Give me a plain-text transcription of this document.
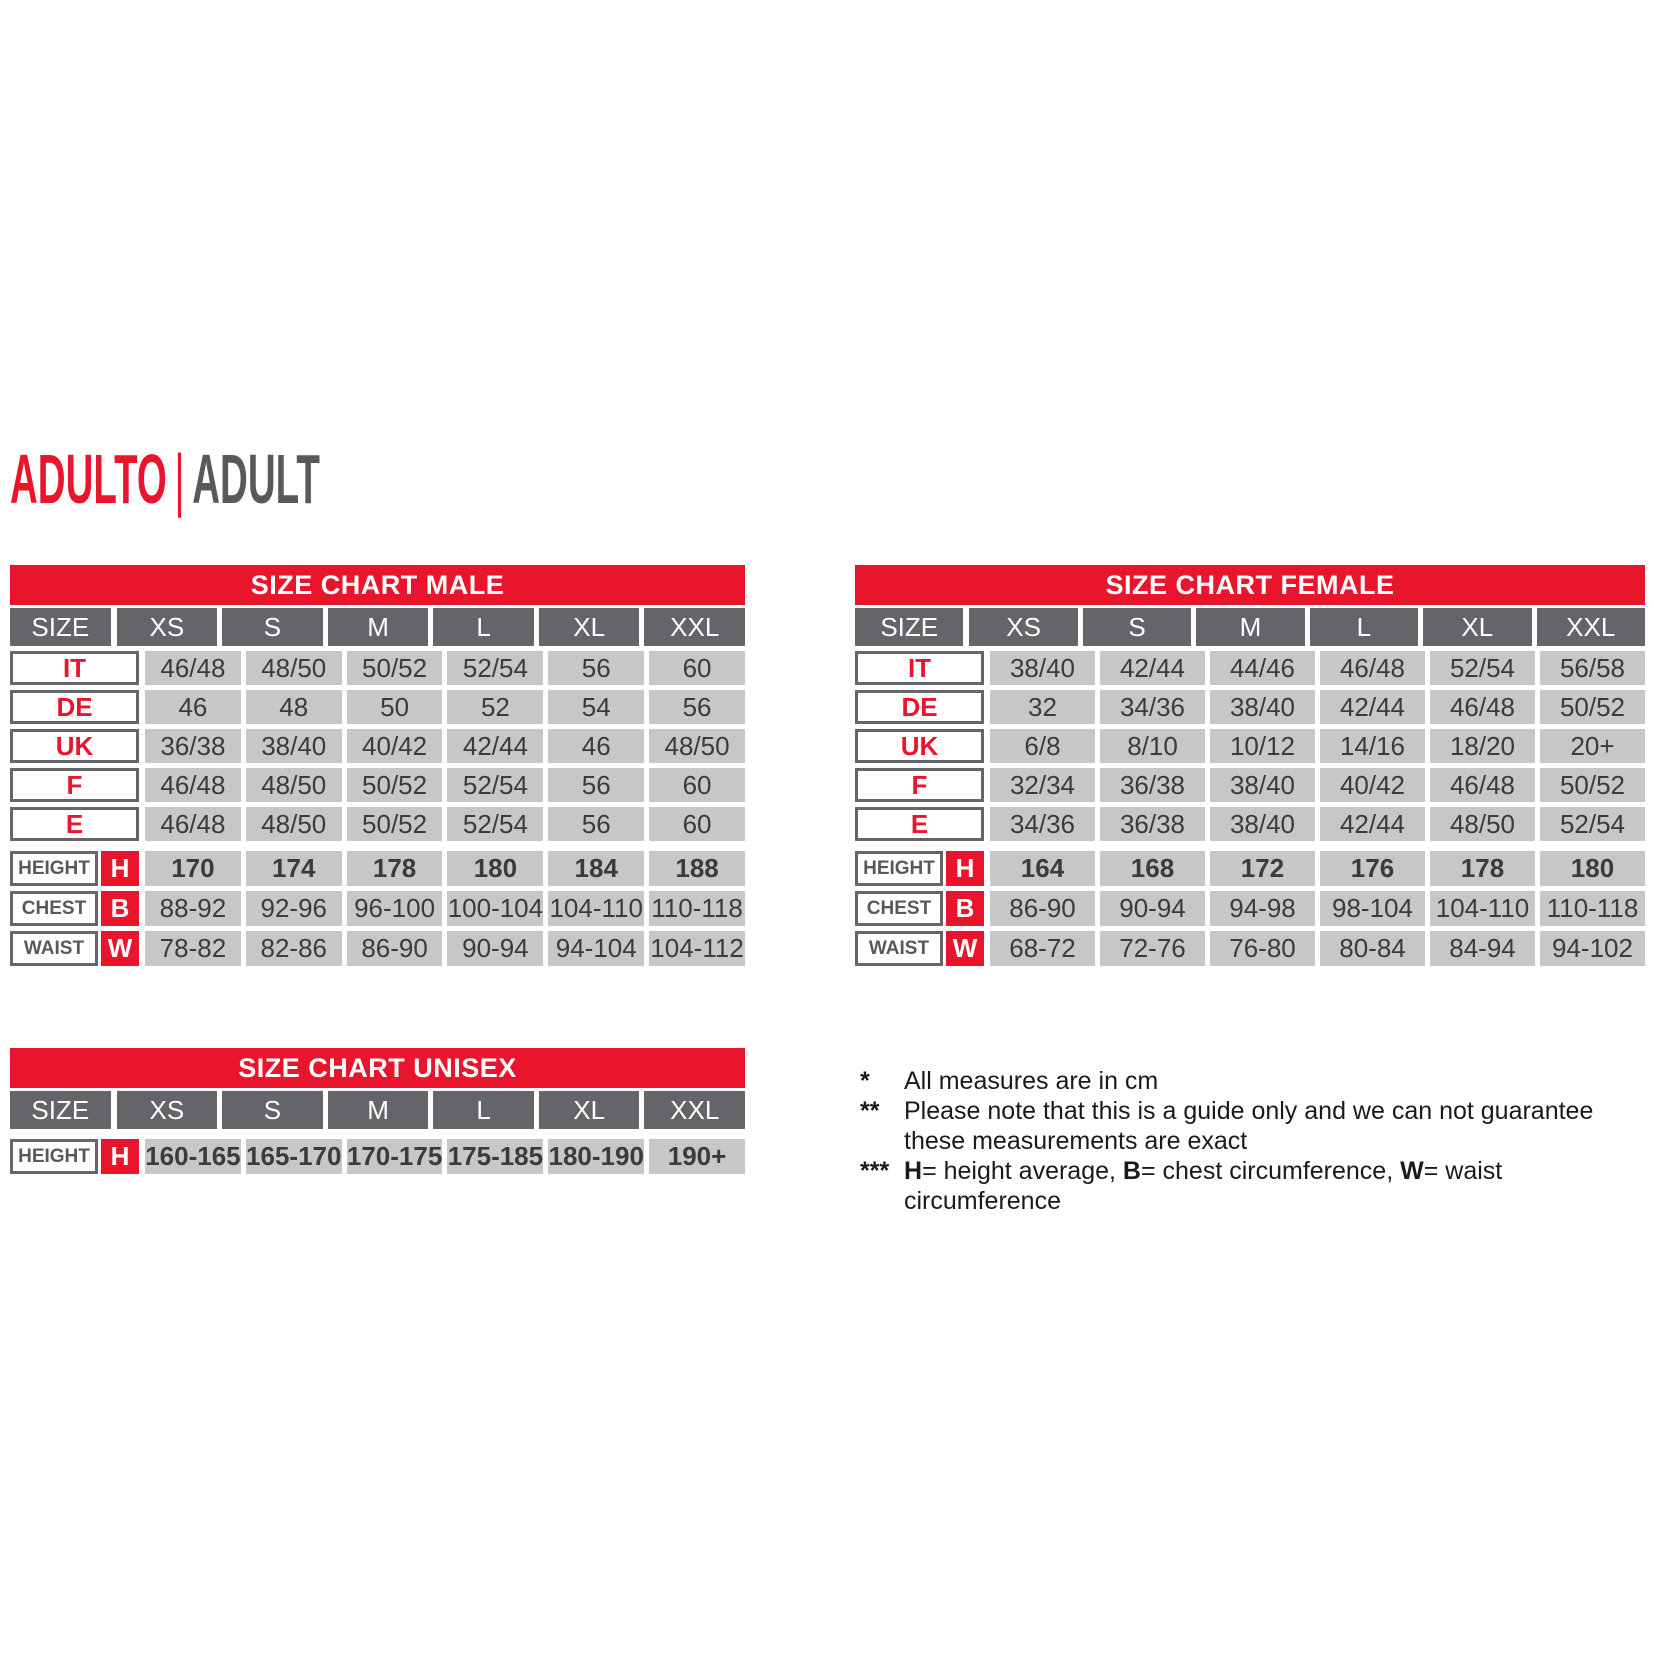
ADULTO | ADULT
SIZE CHART MALE
SIZE	XS	S	M	L	XL	XXL
IT	46/48	48/50	50/52	52/54	56	60
DE	46	48	50	52	54	56
UK	36/38	38/40	40/42	42/44	46	48/50
F	46/48	48/50	50/52	52/54	56	60
E	46/48	48/50	50/52	52/54	56	60
HEIGHT H	170	174	178	180	184	188
CHEST B	88-92	92-96	96-100 100-104 104-110 110-118
WAIST W	78-82	82-86	86-90	90-94	94-104 104-112
SIZE CHART FEMALE
SIZE	XS	S	M	L	XL	XXL
IT	38/40	42/44	44/46	46/48	52/54	56/58
DE	32	34/36	38/40	42/44	46/48	50/52
UK	6/8	8/10	10/12	14/16	18/20	20+
F	32/34	36/38	38/40	40/42	46/48	50/52
E	34/36	36/38	38/40	42/44	48/50	52/54
HEIGHT H	164	168	172	176	178	180
CHEST B	86-90	90-94	94-98	98-104 104-110 110-118
WAIST W	68-72	72-76	76-80	80-84	84-94	94-102
SIZE CHART UNISEX
SIZE	XS	S	M	L	XL	XXL
HEIGHT H 160-165 165-170 170-175 175-185 180-190 190+
*	All measures are in cm
** Please note that this is a guide only and we can not guarantee
these measurements are exact
*** H= height average, B= chest circumference, W= waist circumference
